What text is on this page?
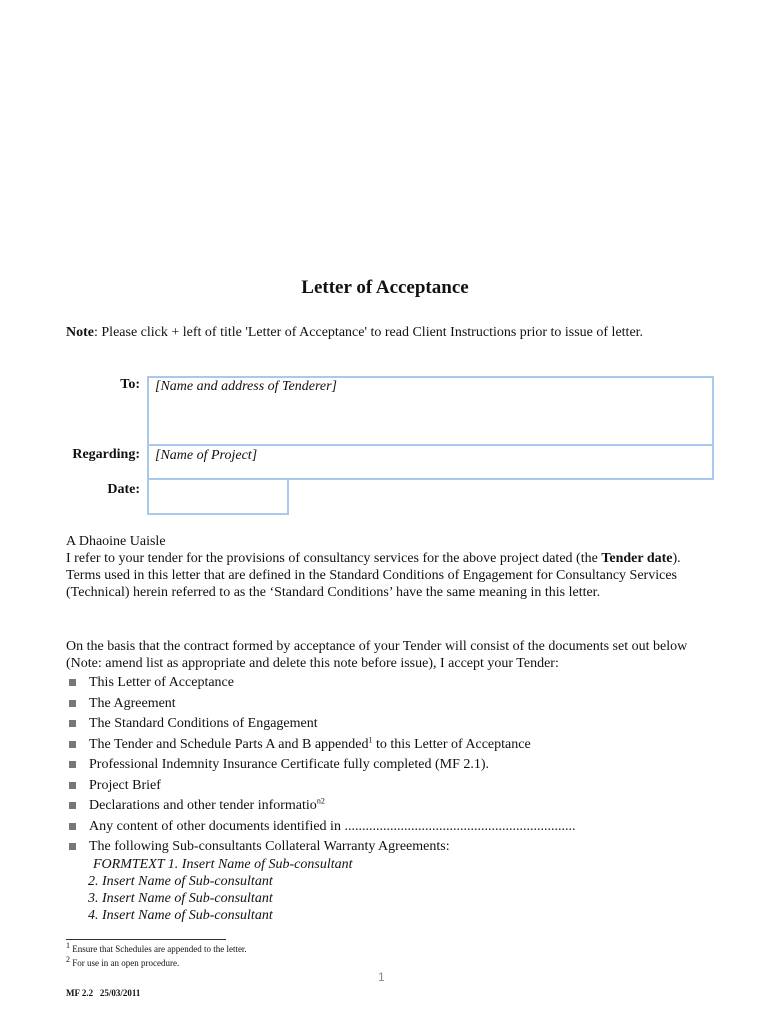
Letter of Acceptance
Note: Please click + left of title 'Letter of Acceptance' to read Client Instructions prior to issue of letter.
To:	[Name and address of Tenderer]
Regarding:	[Name of Project]
Date:
A Dhaoine Uaisle
I refer to your tender for the provisions of consultancy services for the above project dated (the Tender date). Terms used in this letter that are defined in the Standard Conditions of Engagement for Consultancy Services (Technical) herein referred to as the ‘Standard Conditions’ have the same meaning in this letter.
On the basis that the contract formed by acceptance of your Tender will consist of the documents set out below (Note: amend list as appropriate and delete this note before issue), I accept your Tender:
This Letter of Acceptance
The Agreement
The Standard Conditions of Engagement
The Tender and Schedule Parts A and B appended$^1$ to this Letter of Acceptance
Professional Indemnity Insurance Certificate fully completed (MF 2.1).
Project Brief
Declarations and other tender informatio$^{n2}$
Any content of other documents identified in ..................................................................
The following Sub-consultants Collateral Warranty Agreements:
FORMTEXT 1. Insert Name of Sub-consultant
2. Insert Name of Sub-consultant
3. Insert Name of Sub-consultant
4. Insert Name of Sub-consultant
1 Ensure that Schedules are appended to the letter.
2 For use in an open procedure.
1
MF 2.2   25/03/2011
